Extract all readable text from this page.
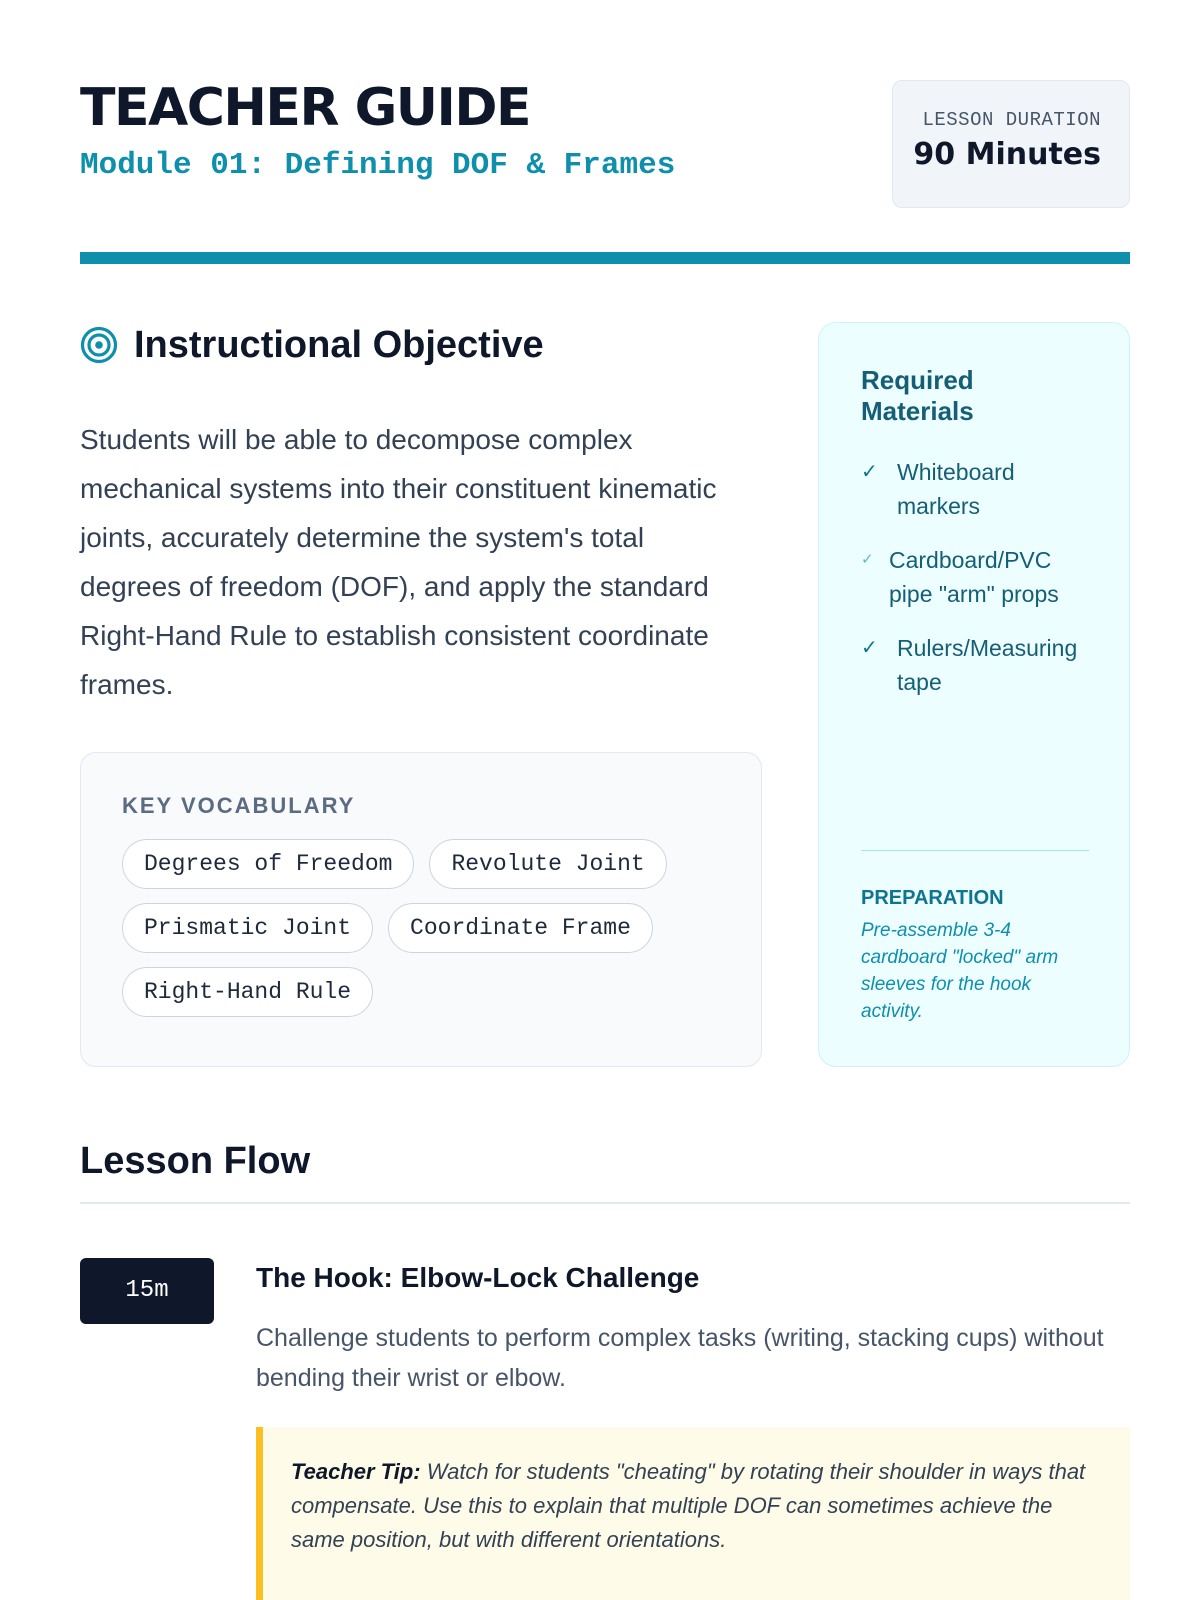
TEACHER GUIDE
Module 01: Defining DOF & Frames
LESSON DURATION
90 Minutes
Instructional Objective

Students will be able to decompose complex mechanical systems into their constituent kinematic joints, accurately determine the system's total degrees of freedom (DOF), and apply the standard Right-Hand Rule to establish consistent coordinate frames.

KEY VOCABULARY
Degrees of Freedom	Revolute Joint
Prismatic Joint	Coordinate Frame
Right-Hand Rule
Required Materials
✓ Whiteboard markers
✓ Cardboard/PVC pipe "arm" props
✓ Rulers/Measuring tape
PREPARATION

Pre-assemble 3-4 cardboard "locked" arm sleeves for the hook activity.

Lesson Flow
15m	The Hook: Elbow-Lock Challenge

Challenge students to perform complex tasks (writing, stacking cups) without bending their wrist or elbow.

Teacher Tip: Watch for students "cheating" by rotating their shoulder in ways that compensate. Use this to explain that multiple DOF can sometimes achieve the same position, but with different orientations.
